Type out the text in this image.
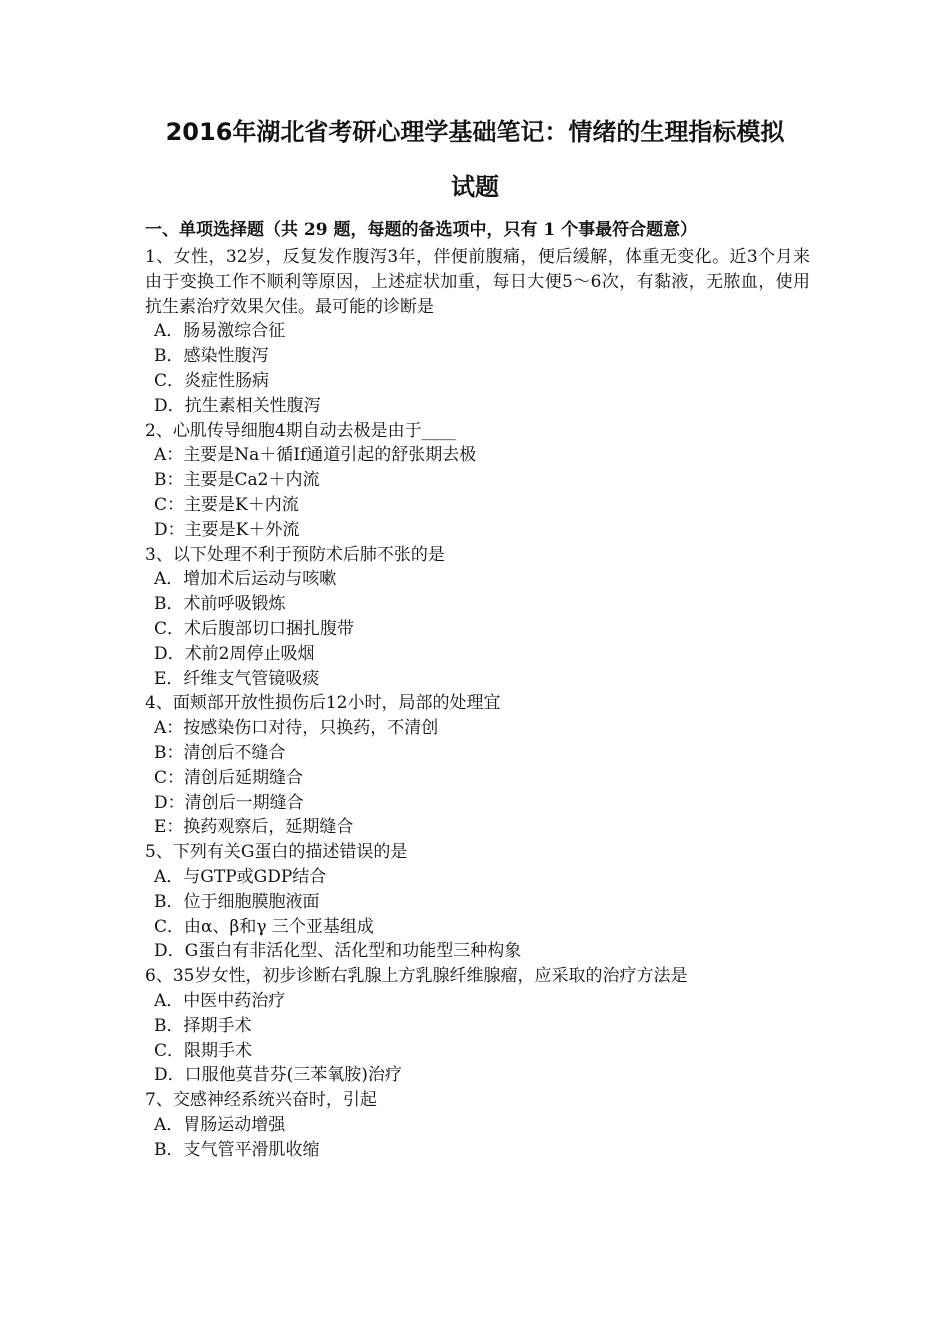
2016年湖北省考研心理学基础笔记：情绪的生理指标模拟
试题

一、单项选择题（共 29 题，每题的备选项中，只有 1 个事最符合题意）

1、女性，32岁，反复发作腹泻3年，伴便前腹痛，便后缓解，体重无变化。近3个月来由于变换工作不顺利等原因，上述症状加重，每日大便5～6次，有黏液，无脓血，使用抗生素治疗效果欠佳。最可能的诊断是

A．肠易激综合征
B．感染性腹泻
C．炎症性肠病
D．抗生素相关性腹泻

2、心肌传导细胞4期自动去极是由于____

A：主要是Na＋循If通道引起的舒张期去极
B：主要是Ca2＋内流
C：主要是K＋内流
D：主要是K＋外流

3、以下处理不利于预防术后肺不张的是

A．增加术后运动与咳嗽
B．术前呼吸锻炼
C．术后腹部切口捆扎腹带
D．术前2周停止吸烟
E．纤维支气管镜吸痰

4、面颊部开放性损伤后12小时，局部的处理宜

A：按感染伤口对待，只换药，不清创
B：清创后不缝合
C：清创后延期缝合
D：清创后一期缝合
E：换药观察后，延期缝合

5、下列有关G蛋白的描述错误的是

A．与GTP或GDP结合
B．位于细胞膜胞液面
C．由α、β和γ 三个亚基组成
D．G蛋白有非活化型、活化型和功能型三种构象

6、35岁女性，初步诊断右乳腺上方乳腺纤维腺瘤，应采取的治疗方法是

A．中医中药治疗
B．择期手术
C．限期手术
D．口服他莫昔芬(三苯氧胺)治疗

7、交感神经系统兴奋时，引起

A．胃肠运动增强
B．支气管平滑肌收缩
